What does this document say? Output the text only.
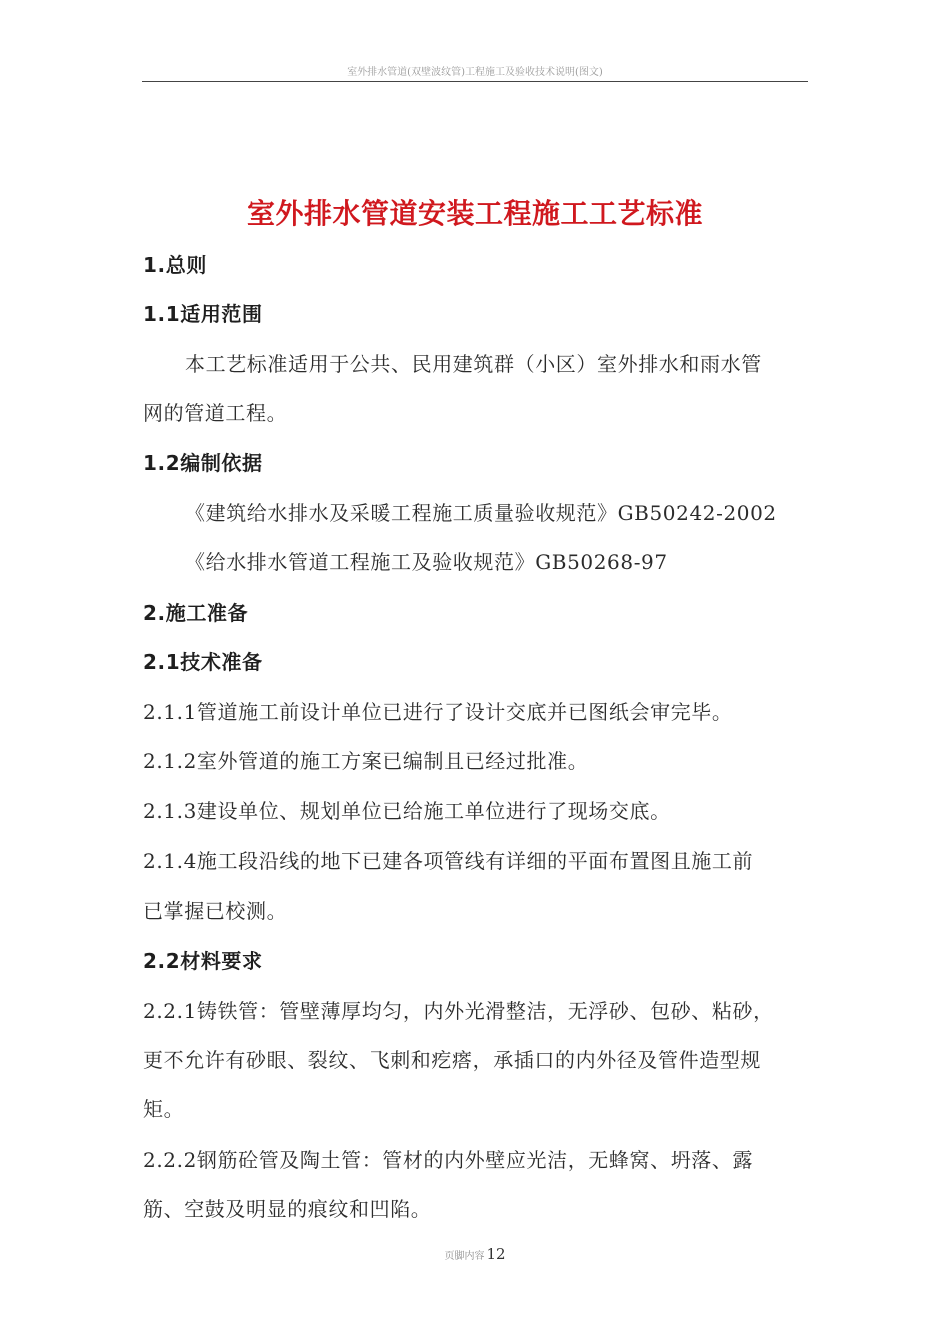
室外排水管道(双壁波纹管)工程施工及验收技术说明(图文)
室外排水管道安装工程施工工艺标准
1.总则
1.1适用范围
本工艺标准适用于公共、民用建筑群（小区）室外排水和雨水管
网的管道工程。
1.2编制依据
《建筑给水排水及采暖工程施工质量验收规范》GB50242-2002
《给水排水管道工程施工及验收规范》GB50268-97
2.施工准备
2.1技术准备
2.1.1管道施工前设计单位已进行了设计交底并已图纸会审完毕。
2.1.2室外管道的施工方案已编制且已经过批准。
2.1.3建设单位、规划单位已给施工单位进行了现场交底。
2.1.4施工段沿线的地下已建各项管线有详细的平面布置图且施工前
已掌握已校测。
2.2材料要求
2.2.1铸铁管：管壁薄厚均匀，内外光滑整洁，无浮砂、包砂、粘砂，
更不允许有砂眼、裂纹、飞刺和疙瘩，承插口的内外径及管件造型规
矩。
2.2.2钢筋砼管及陶土管：管材的内外壁应光洁，无蜂窝、坍落、露
筋、空鼓及明显的痕纹和凹陷。
页脚内容 12
